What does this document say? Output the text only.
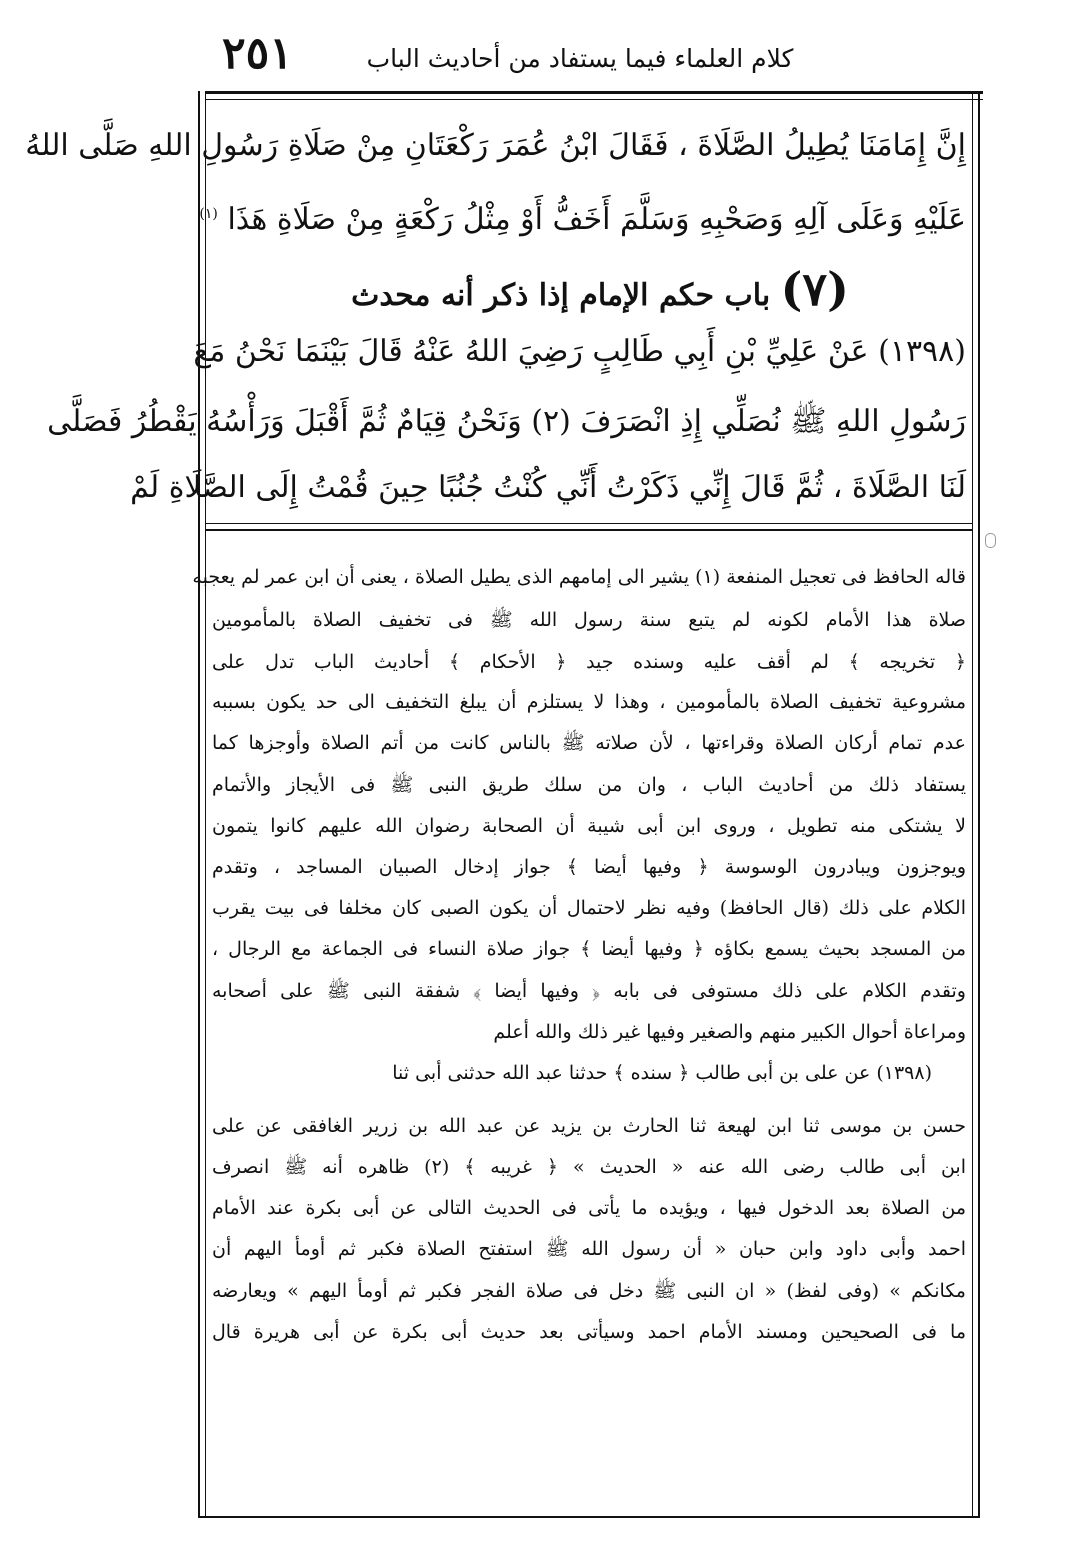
٢٥١	كلام العلماء فيما يستفاد من أحاديث الباب
إِنَّ إِمَامَنَا يُطِيلُ الصَّلَاةَ ، فَقَالَ ابْنُ عُمَرَ رَكْعَتَانِ مِنْ صَلَاةِ رَسُولِ اللهِ صَلَّى اللهُ
عَلَيْهِ وَعَلَى آلِهِ وَصَحْبِهِ وَسَلَّمَ أَخَفُّ أَوْ مِثْلُ رَكْعَةٍ مِنْ صَلَاةِ هَذَا $^{(١)}$
(٧) باب حكم الإمام إذا ذكر أنه محدث
(١٣٩٨) عَنْ عَلِيِّ بْنِ أَبِي طَالِبٍ رَضِيَ اللهُ عَنْهُ قَالَ بَيْنَمَا نَحْنُ مَعَ
رَسُولِ اللهِ ﷺ نُصَلِّي إِذِ انْصَرَفَ (٢) وَنَحْنُ قِيَامٌ ثُمَّ أَقْبَلَ وَرَأْسُهُ يَقْطُرُ فَصَلَّى
لَنَا الصَّلَاةَ ، ثُمَّ قَالَ إِنِّي ذَكَرْتُ أَنِّي كُنْتُ جُنُبًا حِينَ قُمْتُ إِلَى الصَّلَاةِ لَمْ
قاله الحافظ فى تعجيل المنفعة (١) يشير الى إمامهم الذى يطيل الصلاة ، يعنى أن ابن عمر لم يعجبه
صلاة هذا الأمام لكونه لم يتبع سنة رسول الله ﷺ فى تخفيف الصلاة بالمأمومين
﴿ تخريجه ﴾ لم أقف عليه وسنده جيد ﴿ الأحكام ﴾ أحاديث الباب تدل على
مشروعية تخفيف الصلاة بالمأمومين ، وهذا لا يستلزم أن يبلغ التخفيف الى حد يكون بسببه
عدم تمام أركان الصلاة وقراءتها ، لأن صلاته ﷺ بالناس كانت من أتم الصلاة وأوجزها كما
يستفاد ذلك من أحاديث الباب ، وان من سلك طريق النبى ﷺ فى الأيجاز والأتمام
لا يشتكى منه تطويل ، وروى ابن أبى شيبة أن الصحابة رضوان الله عليهم كانوا يتمون
ويوجزون ويبادرون الوسوسة ﴿ وفيها أيضا ﴾ جواز إدخال الصبيان المساجد ، وتقدم
الكلام على ذلك (قال الحافظ) وفيه نظر لاحتمال أن يكون الصبى كان مخلفا فى بيت يقرب
من المسجد بحيث يسمع بكاؤه ﴿ وفيها أيضا ﴾ جواز صلاة النساء فى الجماعة مع الرجال ،
وتقدم الكلام على ذلك مستوفى فى بابه ﴿ وفيها أيضا ﴾ شفقة النبى ﷺ على أصحابه
ومراعاة أحوال الكبير منهم والصغير وفيها غير ذلك والله أعلم
(١٣٩٨) عن على بن أبى طالب ﴿ سنده ﴾ حدثنا عبد الله حدثنى أبى ثنا
حسن بن موسى ثنا ابن لهيعة ثنا الحارث بن يزيد عن عبد الله بن زرير الغافقى عن على
ابن أبى طالب رضى الله عنه « الحديث » ﴿ غريبه ﴾ (٢) ظاهره أنه ﷺ انصرف
من الصلاة بعد الدخول فيها ، ويؤيده ما يأتى فى الحديث التالى عن أبى بكرة عند الأمام
احمد وأبى داود وابن حبان « أن رسول الله ﷺ استفتح الصلاة فكبر ثم أومأ اليهم أن
مكانكم » (وفى لفظ) « ان النبى ﷺ دخل فى صلاة الفجر فكبر ثم أومأ اليهم » ويعارضه
ما فى الصحيحين ومسند الأمام احمد وسيأتى بعد حديث أبى بكرة عن أبى هريرة قال
